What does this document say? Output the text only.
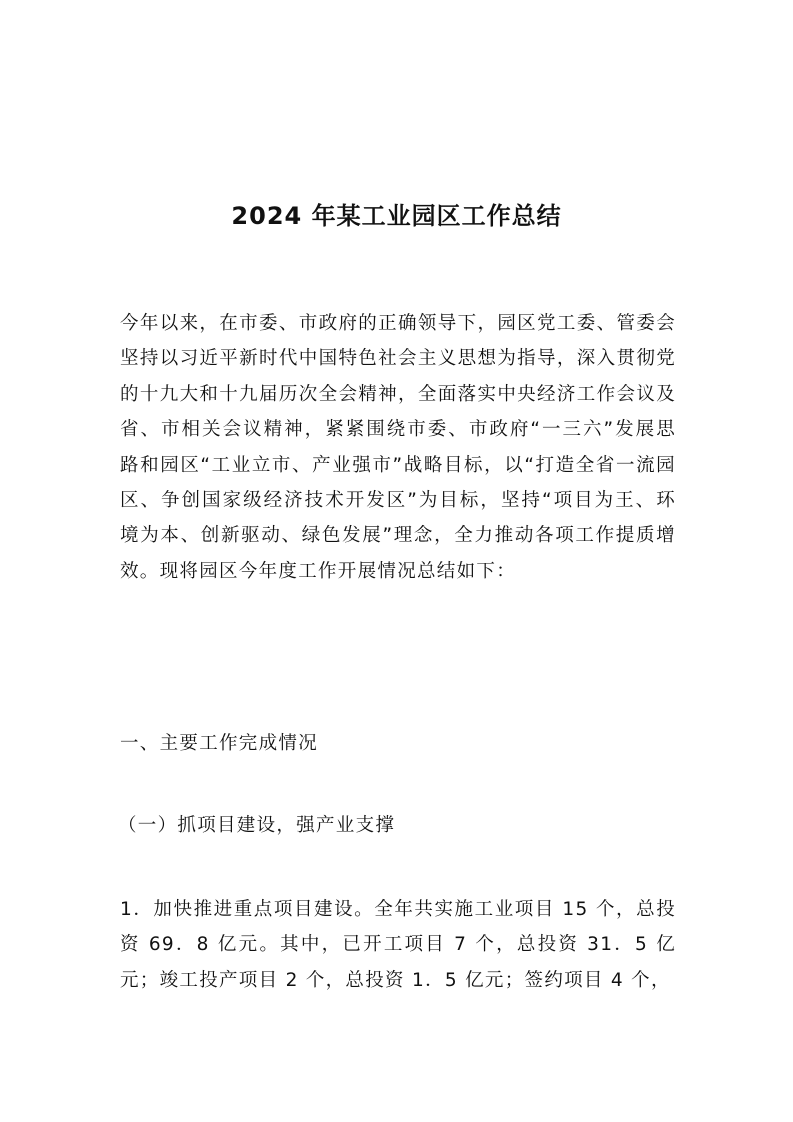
2024 年某工业园区工作总结

今年以来，在市委、市政府的正确领导下，园区党工委、管委会坚持以习近平新时代中国特色社会主义思想为指导，深入贯彻党的十九大和十九届历次全会精神，全面落实中央经济工作会议及省、市相关会议精神，紧紧围绕市委、市政府“一三六”发展思路和园区“工业立市、产业强市”战略目标，以“打造全省一流园区、争创国家级经济技术开发区”为目标，坚持“项目为王、环境为本、创新驱动、绿色发展”理念，全力推动各项工作提质增效。现将园区今年度工作开展情况总结如下：

一、主要工作完成情况

（一）抓项目建设，强产业支撑

1．加快推进重点项目建设。全年共实施工业项目 15 个，总投资 69．8 亿元。其中，已开工项目 7 个，总投资 31．5 亿元；竣工投产项目 2 个，总投资 1．5 亿元；签约项目 4 个，
